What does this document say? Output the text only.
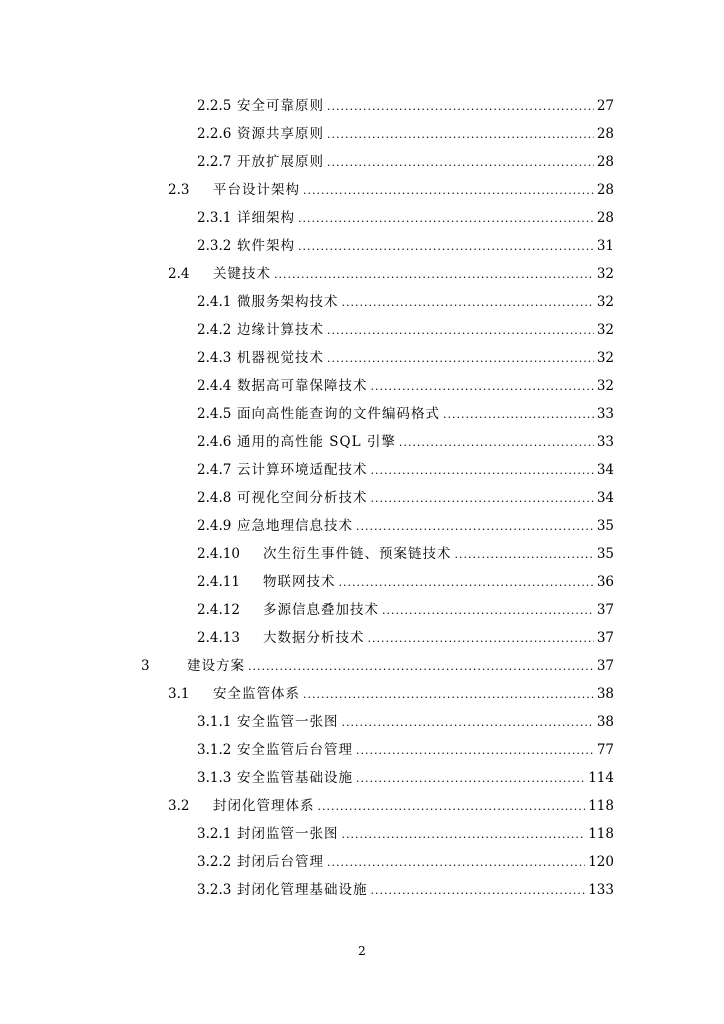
2.2.5 安全可靠原则 .....	27
2.2.6 资源共享原则 .....	28
2.2.7 开放扩展原则 .....	28
2.3	平台设计架构 .....	28
2.3.1 详细架构 .....	28
2.3.2 软件架构 .....	31
2.4	关键技术 .....	32
2.4.1 微服务架构技术 .....	32
2.4.2 边缘计算技术 .....	32
2.4.3 机器视觉技术 .....	32
2.4.4 数据高可靠保障技术 .....	32
2.4.5 面向高性能查询的文件编码格式 .....	33
2.4.6 通用的高性能 SQL 引擎 .....	33
2.4.7 云计算环境适配技术 .....	34
2.4.8 可视化空间分析技术 .....	34
2.4.9 应急地理信息技术 .....	35
2.4.10	次生衍生事件链、预案链技术 .....	35
2.4.11	物联网技术 .....	36
2.4.12	多源信息叠加技术 .....	37
2.4.13	大数据分析技术 .....	37
3	建设方案 .....	37
3.1	安全监管体系 .....	38
3.1.1 安全监管一张图 .....	38
3.1.2 安全监管后台管理 .....	77
3.1.3 安全监管基础设施 .....	114
3.2	封闭化管理体系 .....	118
3.2.1 封闭监管一张图 .....	118
3.2.2 封闭后台管理 .....	120
3.2.3 封闭化管理基础设施 .....	133
2
